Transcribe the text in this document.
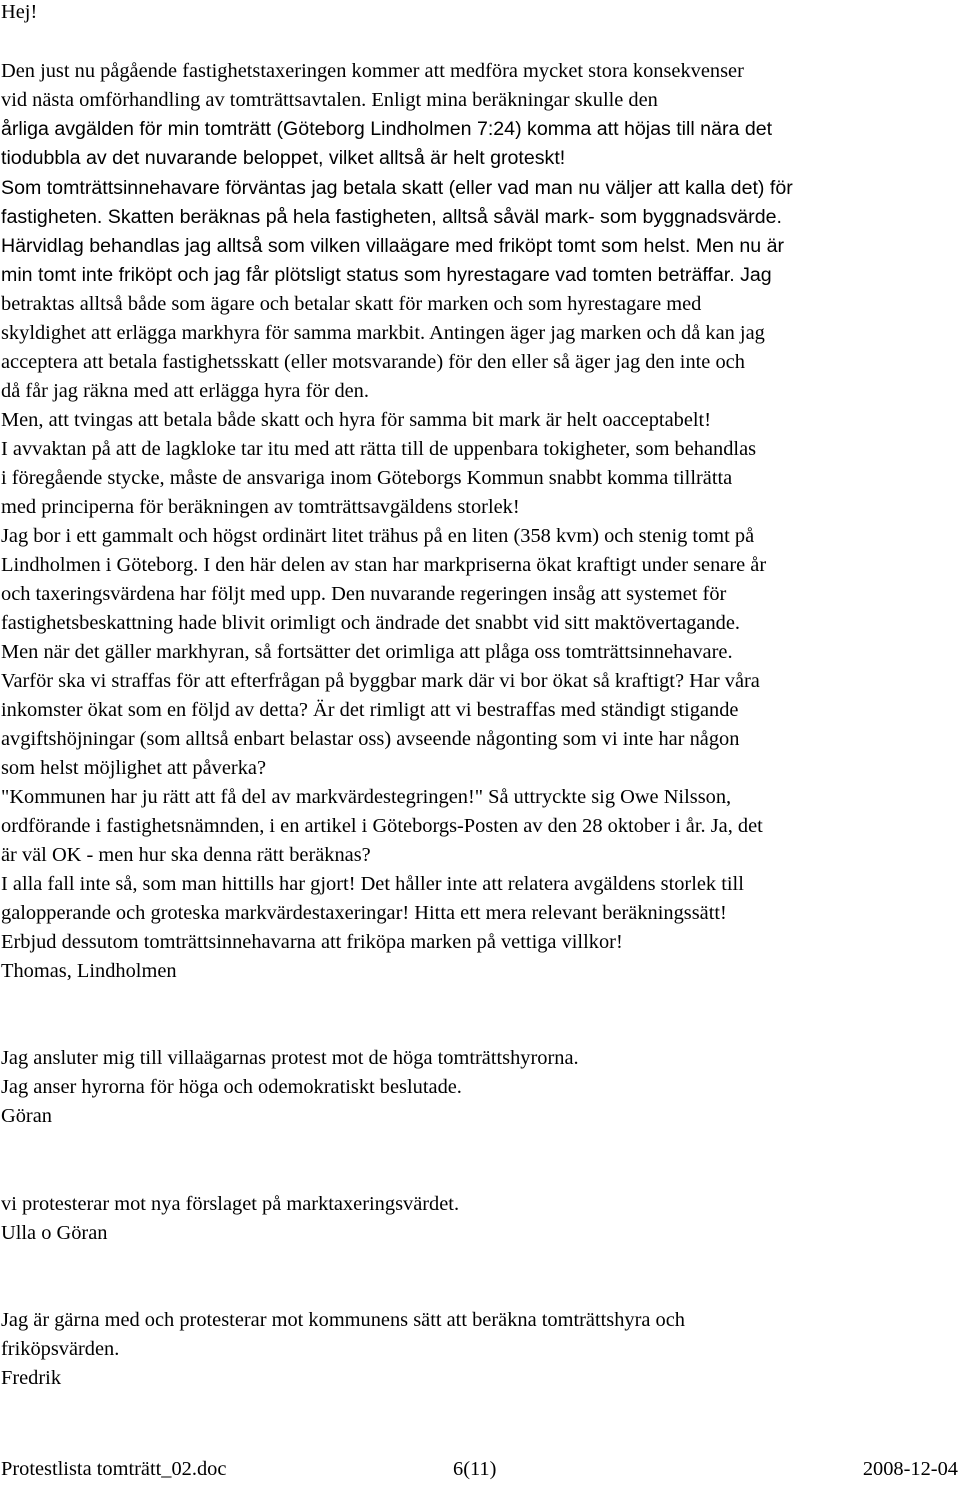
Hej!
Den just nu pågående fastighetstaxeringen kommer att medföra mycket stora konsekvenser
vid nästa omförhandling av tomträttsavtalen. Enligt mina beräkningar skulle den
årliga avgälden för min tomträtt (Göteborg Lindholmen 7:24) komma att höjas till nära det
tiodubbla av det nuvarande beloppet, vilket alltså är helt groteskt!
Som tomträttsinnehavare förväntas jag betala skatt (eller vad man nu väljer att kalla det) för
fastigheten. Skatten beräknas på hela fastigheten, alltså såväl mark- som byggnadsvärde.
Härvidlag behandlas jag alltså som vilken villaägare med friköpt tomt som helst. Men nu är
min tomt inte friköpt och jag får plötsligt status som hyrestagare vad tomten beträffar. Jag
betraktas alltså både som ägare och betalar skatt för marken och som hyrestagare med
skyldighet att erlägga markhyra för samma markbit. Antingen äger jag marken och då kan jag
acceptera att betala fastighetsskatt (eller motsvarande) för den eller så äger jag den inte och
då får jag räkna med att erlägga hyra för den.
Men, att tvingas att betala både skatt och hyra för samma bit mark är helt oacceptabelt!
I avvaktan på att de lagkloke tar itu med att rätta till de uppenbara tokigheter, som behandlas
i föregående stycke, måste de ansvariga inom Göteborgs Kommun snabbt komma tillrätta
med principerna för beräkningen av tomträttsavgäldens storlek!
Jag bor i ett gammalt och högst ordinärt litet trähus på en liten (358 kvm) och stenig tomt på
Lindholmen i Göteborg. I den här delen av stan har markpriserna ökat kraftigt under senare år
och taxeringsvärdena har följt med upp. Den nuvarande regeringen insåg att systemet för
fastighetsbeskattning hade blivit orimligt och ändrade det snabbt vid sitt maktövertagande.
Men när det gäller markhyran, så fortsätter det orimliga att plåga oss tomträttsinnehavare.
Varför ska vi straffas för att efterfrågan på byggbar mark där vi bor ökat så kraftigt? Har våra
inkomster ökat som en följd av detta? Är det rimligt att vi bestraffas med ständigt stigande
avgiftshöjningar (som alltså enbart belastar oss) avseende någonting som vi inte har någon
som helst möjlighet att påverka?
"Kommunen har ju rätt att få del av markvärdestegringen!" Så uttryckte sig Owe Nilsson,
ordförande i fastighetsnämnden, i en artikel i Göteborgs-Posten av den 28 oktober i år. Ja, det
är väl OK - men hur ska denna rätt beräknas?
I alla fall inte så, som man hittills har gjort! Det håller inte att relatera avgäldens storlek till
galopperande och groteska markvärdestaxeringar! Hitta ett mera relevant beräkningssätt!
Erbjud dessutom tomträttsinnehavarna att friköpa marken på vettiga villkor!
Thomas, Lindholmen
Jag ansluter mig till villaägarnas protest mot de höga tomträttshyrorna.
Jag anser hyrorna för höga och odemokratiskt beslutade.
Göran
vi protesterar mot nya förslaget på marktaxeringsvärdet.
Ulla o Göran
Jag är gärna med och protesterar mot kommunens sätt att beräkna tomträttshyra och
friköpsvärden.
Fredrik
Protestlista tomträtt_02.doc	6(11)	2008-12-04
